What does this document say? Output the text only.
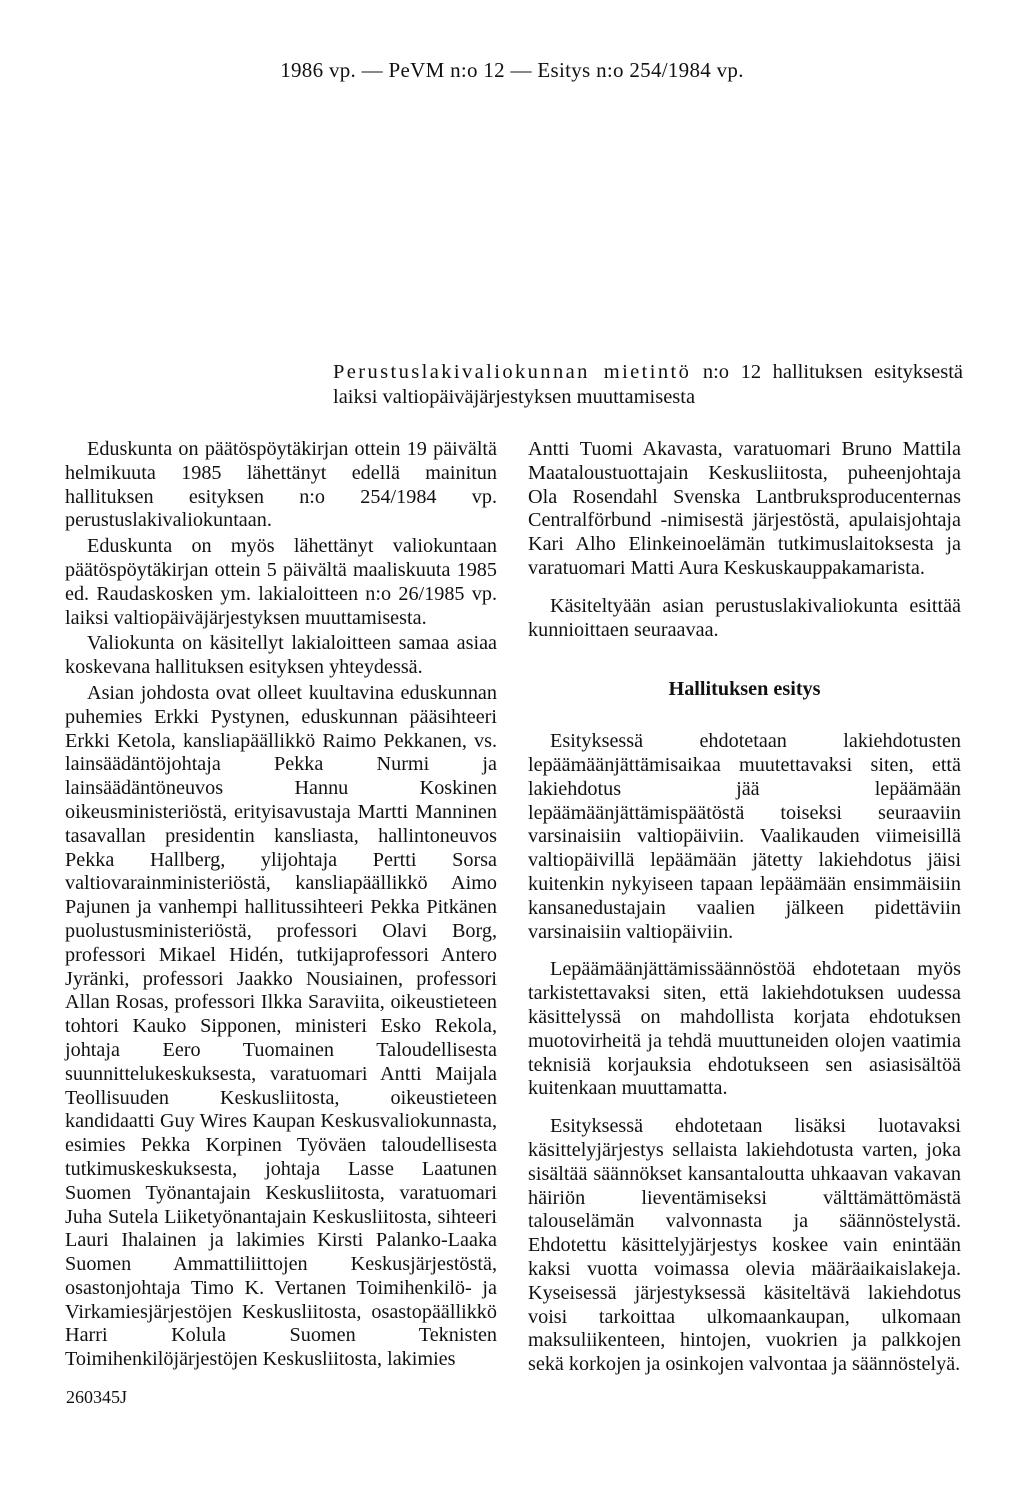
1986 vp. — PeVM n:o 12 — Esitys n:o 254/1984 vp.
Perustuslakivaliokunnan mietintö n:o 12 hallituksen esityksestä laiksi valtiopäiväjärjestyksen muuttamisesta

Eduskunta on päätöspöytäkirjan ottein 19 päivältä helmikuuta 1985 lähettänyt edellä mainitun hallituksen esityksen n:o 254/1984 vp. perustuslakivaliokuntaan.

Eduskunta on myös lähettänyt valiokuntaan päätöspöytäkirjan ottein 5 päivältä maaliskuuta 1985 ed. Raudaskosken ym. lakialoitteen n:o 26/1985 vp. laiksi valtiopäiväjärjestyksen muuttamisesta.

Valiokunta on käsitellyt lakialoitteen samaa asiaa koskevana hallituksen esityksen yhteydessä.

Asian johdosta ovat olleet kuultavina eduskunnan puhemies Erkki Pystynen, eduskunnan pääsihteeri Erkki Ketola, kansliapäällikkö Raimo Pekkanen, vs. lainsäädäntöjohtaja Pekka Nurmi ja lainsäädäntöneuvos Hannu Koskinen oikeusministeriöstä, erityisavustaja Martti Manninen tasavallan presidentin kansliasta, hallintoneuvos Pekka Hallberg, ylijohtaja Pertti Sorsa valtiovarainministeriöstä, kansliapäällikkö Aimo Pajunen ja vanhempi hallitussihteeri Pekka Pitkänen puolustusministeriöstä, professori Olavi Borg, professori Mikael Hidén, tutkijaprofessori Antero Jyränki, professori Jaakko Nousiainen, professori Allan Rosas, professori Ilkka Saraviita, oikeustieteen tohtori Kauko Sipponen, ministeri Esko Rekola, johtaja Eero Tuomainen Taloudellisesta suunnittelukeskuksesta, varatuomari Antti Maijala Teollisuuden Keskusliitosta, oikeustieteen kandidaatti Guy Wires Kaupan Keskusvaliokunnasta, esimies Pekka Korpinen Työväen taloudellisesta tutkimuskeskuksesta, johtaja Lasse Laatunen Suomen Työnantajain Keskusliitosta, varatuomari Juha Sutela Liiketyönantajain Keskusliitosta, sihteeri Lauri Ihalainen ja lakimies Kirsti Palanko-Laaka Suomen Ammattiliittojen Keskusjärjestöstä, osastonjohtaja Timo K. Vertanen Toimihenkilö- ja Virkamiesjärjestöjen Keskusliitosta, osastopäällikkö Harri Kolula Suomen Teknisten Toimihenkilöjärjestöjen Keskusliitosta, lakimies

Antti Tuomi Akavasta, varatuomari Bruno Mattila Maataloustuottajain Keskusliitosta, puheenjohtaja Ola Rosendahl Svenska Lantbruksproducenternas Centralförbund -nimisestä järjestöstä, apulaisjohtaja Kari Alho Elinkeinoelämän tutkimuslaitoksesta ja varatuomari Matti Aura Keskuskauppakamarista.

Käsiteltyään asian perustuslakivaliokunta esittää kunnioittaen seuraavaa.

Hallituksen esitys

Esityksessä ehdotetaan lakiehdotusten lepäämäänjättämisaikaa muutettavaksi siten, että lakiehdotus jää lepäämään lepäämäänjättämispäätöstä toiseksi seuraaviin varsinaisiin valtiopäiviin. Vaalikauden viimeisillä valtiopäivillä lepäämään jätetty lakiehdotus jäisi kuitenkin nykyiseen tapaan lepäämään ensimmäisiin kansanedustajain vaalien jälkeen pidettäviin varsinaisiin valtiopäiviin.

Lepäämäänjättämissäännöstöä ehdotetaan myös tarkistettavaksi siten, että lakiehdotuksen uudessa käsittelyssä on mahdollista korjata ehdotuksen muotovirheitä ja tehdä muuttuneiden olojen vaatimia teknisiä korjauksia ehdotukseen sen asiasisältöä kuitenkaan muuttamatta.

Esityksessä ehdotetaan lisäksi luotavaksi käsittelyjärjestys sellaista lakiehdotusta varten, joka sisältää säännökset kansantaloutta uhkaavan vakavan häiriön lieventämiseksi välttämättömästä talouselämän valvonnasta ja säännöstelystä. Ehdotettu käsittelyjärjestys koskee vain enintään kaksi vuotta voimassa olevia määräaikaislakeja. Kyseisessä järjestyksessä käsiteltävä lakiehdotus voisi tarkoittaa ulkomaankaupan, ulkomaan maksuliikenteen, hintojen, vuokrien ja palkkojen sekä korkojen ja osinkojen valvontaa ja säännöstelyä.

260345J
